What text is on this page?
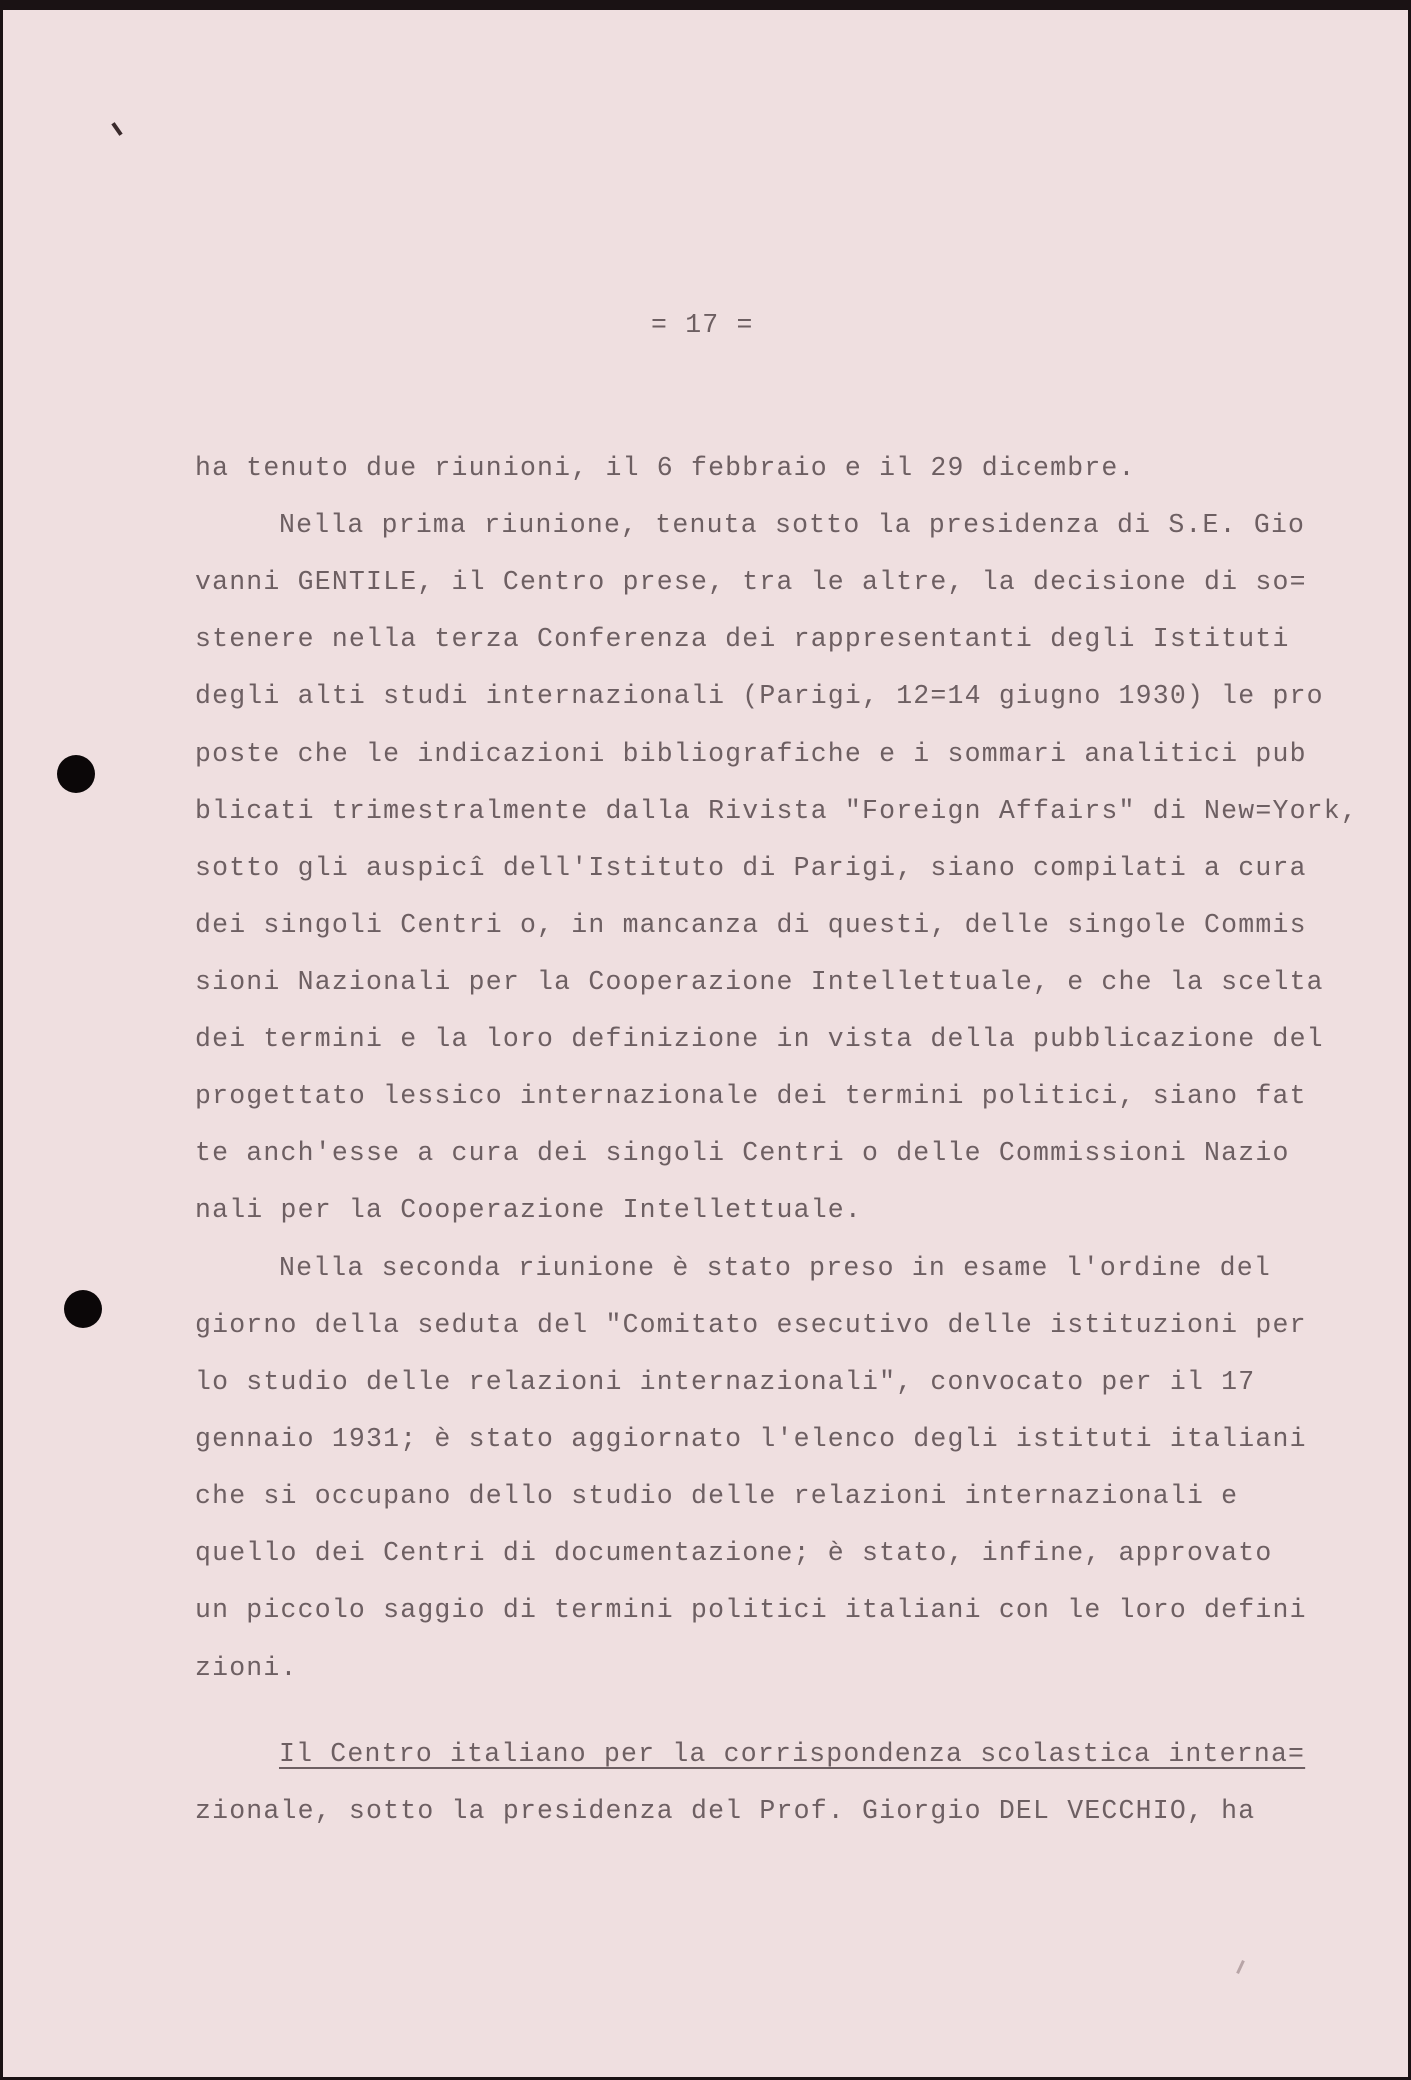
= 17 =
ha tenuto due riunioni, il 6 febbraio e il 29 dicembre.
Nella prima riunione, tenuta sotto la presidenza di S.E. Gio
vanni GENTILE, il Centro prese, tra le altre, la decisione di so=
stenere nella terza Conferenza dei rappresentanti degli Istituti
degli alti studi internazionali (Parigi, 12=14 giugno 1930) le pro
poste che le indicazioni bibliografiche e i sommari analitici pub
blicati trimestralmente dalla Rivista "Foreign Affairs" di New=York,
sotto gli auspicî dell'Istituto di Parigi, siano compilati a cura
dei singoli Centri o, in mancanza di questi, delle singole Commis
sioni Nazionali per la Cooperazione Intellettuale, e che la scelta
dei termini e la loro definizione in vista della pubblicazione del
progettato lessico internazionale dei termini politici, siano fat
te anch'esse a cura dei singoli Centri o delle Commissioni Nazio
nali per la Cooperazione Intellettuale.
Nella seconda riunione è stato preso in esame l'ordine del
giorno della seduta del "Comitato esecutivo delle istituzioni per
lo studio delle relazioni internazionali", convocato per il 17
gennaio 1931; è stato aggiornato l'elenco degli istituti italiani
che si occupano dello studio delle relazioni internazionali e
quello dei Centri di documentazione; è stato, infine, approvato
un piccolo saggio di termini politici italiani con le loro defini
zioni.
Il Centro italiano per la corrispondenza scolastica interna=
zionale, sotto la presidenza del Prof. Giorgio DEL VECCHIO, ha
